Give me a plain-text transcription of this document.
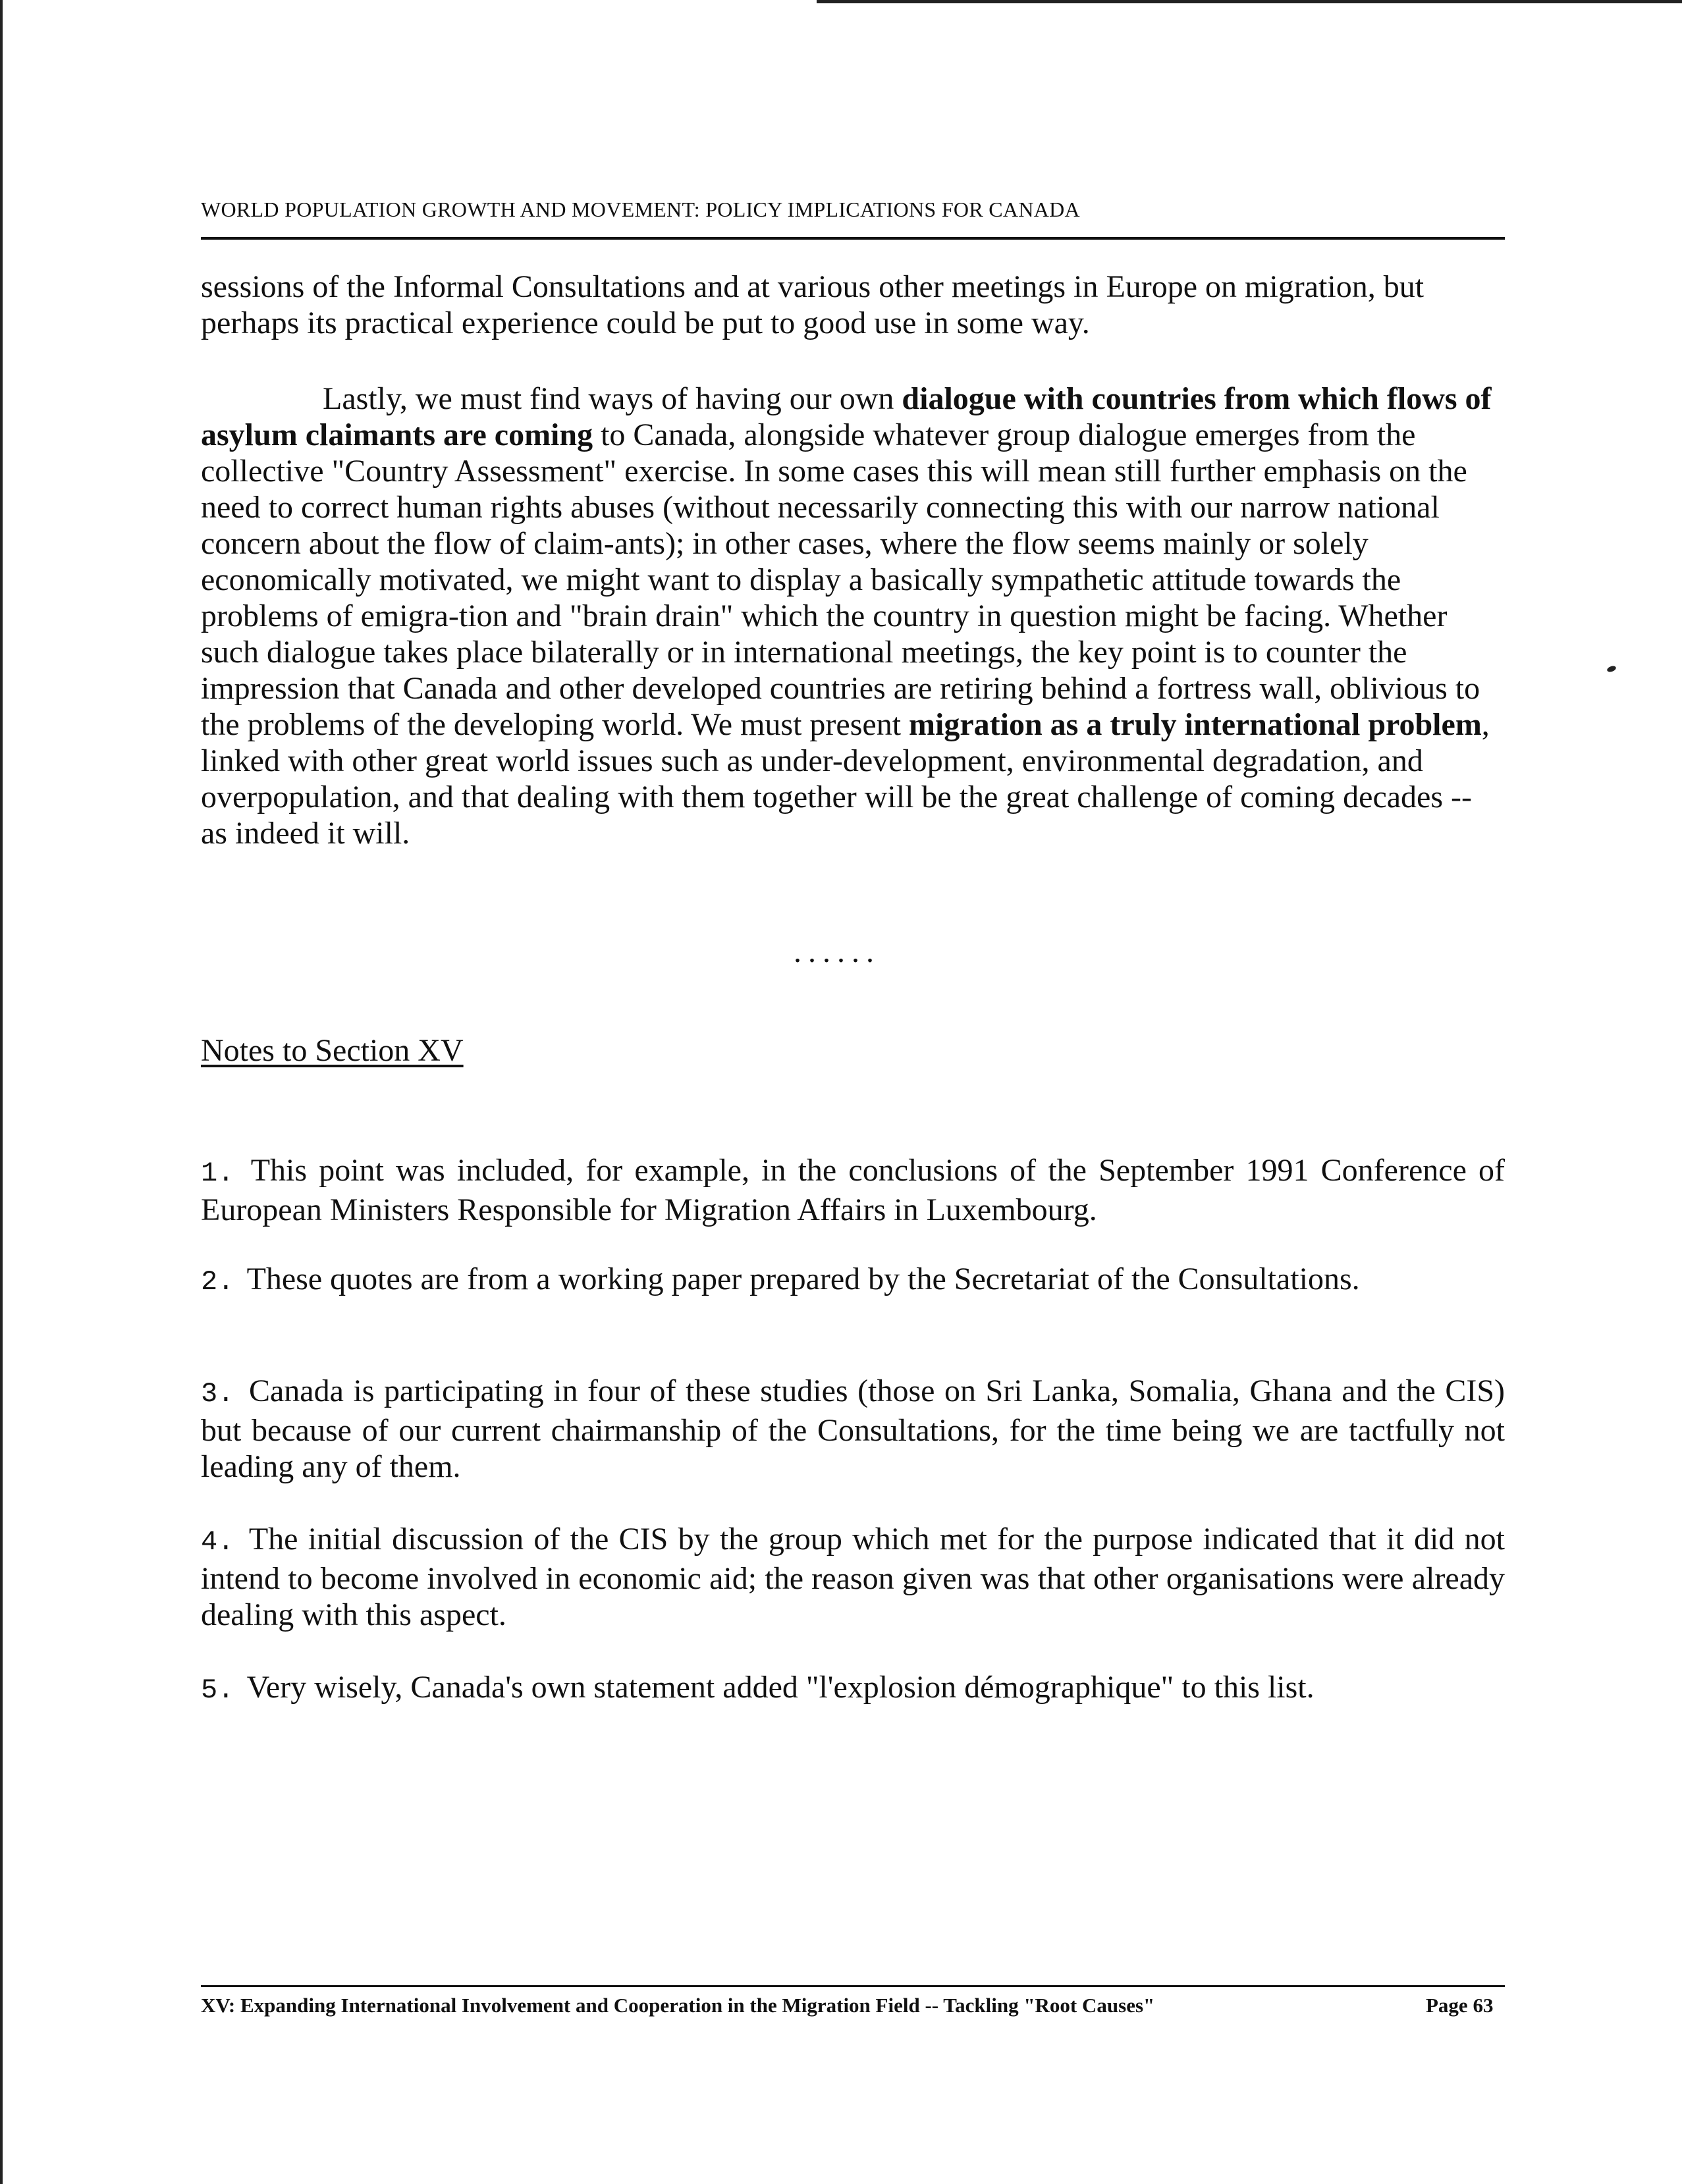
WORLD POPULATION GROWTH AND MOVEMENT: POLICY IMPLICATIONS FOR CANADA

sessions of the Informal Consultations and at various other meetings in Europe on migration, but perhaps its practical experience could be put to good use in some way.

Lastly, we must find ways of having our own dialogue with countries from which flows of asylum claimants are coming to Canada, alongside whatever group dialogue emerges from the collective "Country Assessment" exercise. In some cases this will mean still further emphasis on the need to correct human rights abuses (without necessarily connecting this with our narrow national concern about the flow of claim-ants); in other cases, where the flow seems mainly or solely economically motivated, we might want to display a basically sympathetic attitude towards the problems of emigra-tion and "brain drain" which the country in question might be facing. Whether such dialogue takes place bilaterally or in international meetings, the key point is to counter the impression that Canada and other developed countries are retiring behind a fortress wall, oblivious to the problems of the developing world. We must present migration as a truly international problem, linked with other great world issues such as under-development, environmental degradation, and overpopulation, and that dealing with them together will be the great challenge of coming decades -- as indeed it will.

......
Notes to Section XV
1. This point was included, for example, in the conclusions of the September 1991 Conference of European Ministers Responsible for Migration Affairs in Luxembourg.
2. These quotes are from a working paper prepared by the Secretariat of the Consultations.
3. Canada is participating in four of these studies (those on Sri Lanka, Somalia, Ghana and the CIS) but because of our current chairmanship of the Consultations, for the time being we are tactfully not leading any of them.
4. The initial discussion of the CIS by the group which met for the purpose indicated that it did not intend to become involved in economic aid; the reason given was that other organisations were already dealing with this aspect.
5. Very wisely, Canada's own statement added "l'explosion démographique" to this list.
XV: Expanding International Involvement and Cooperation in the Migration Field -- Tackling "Root Causes"	Page 63
